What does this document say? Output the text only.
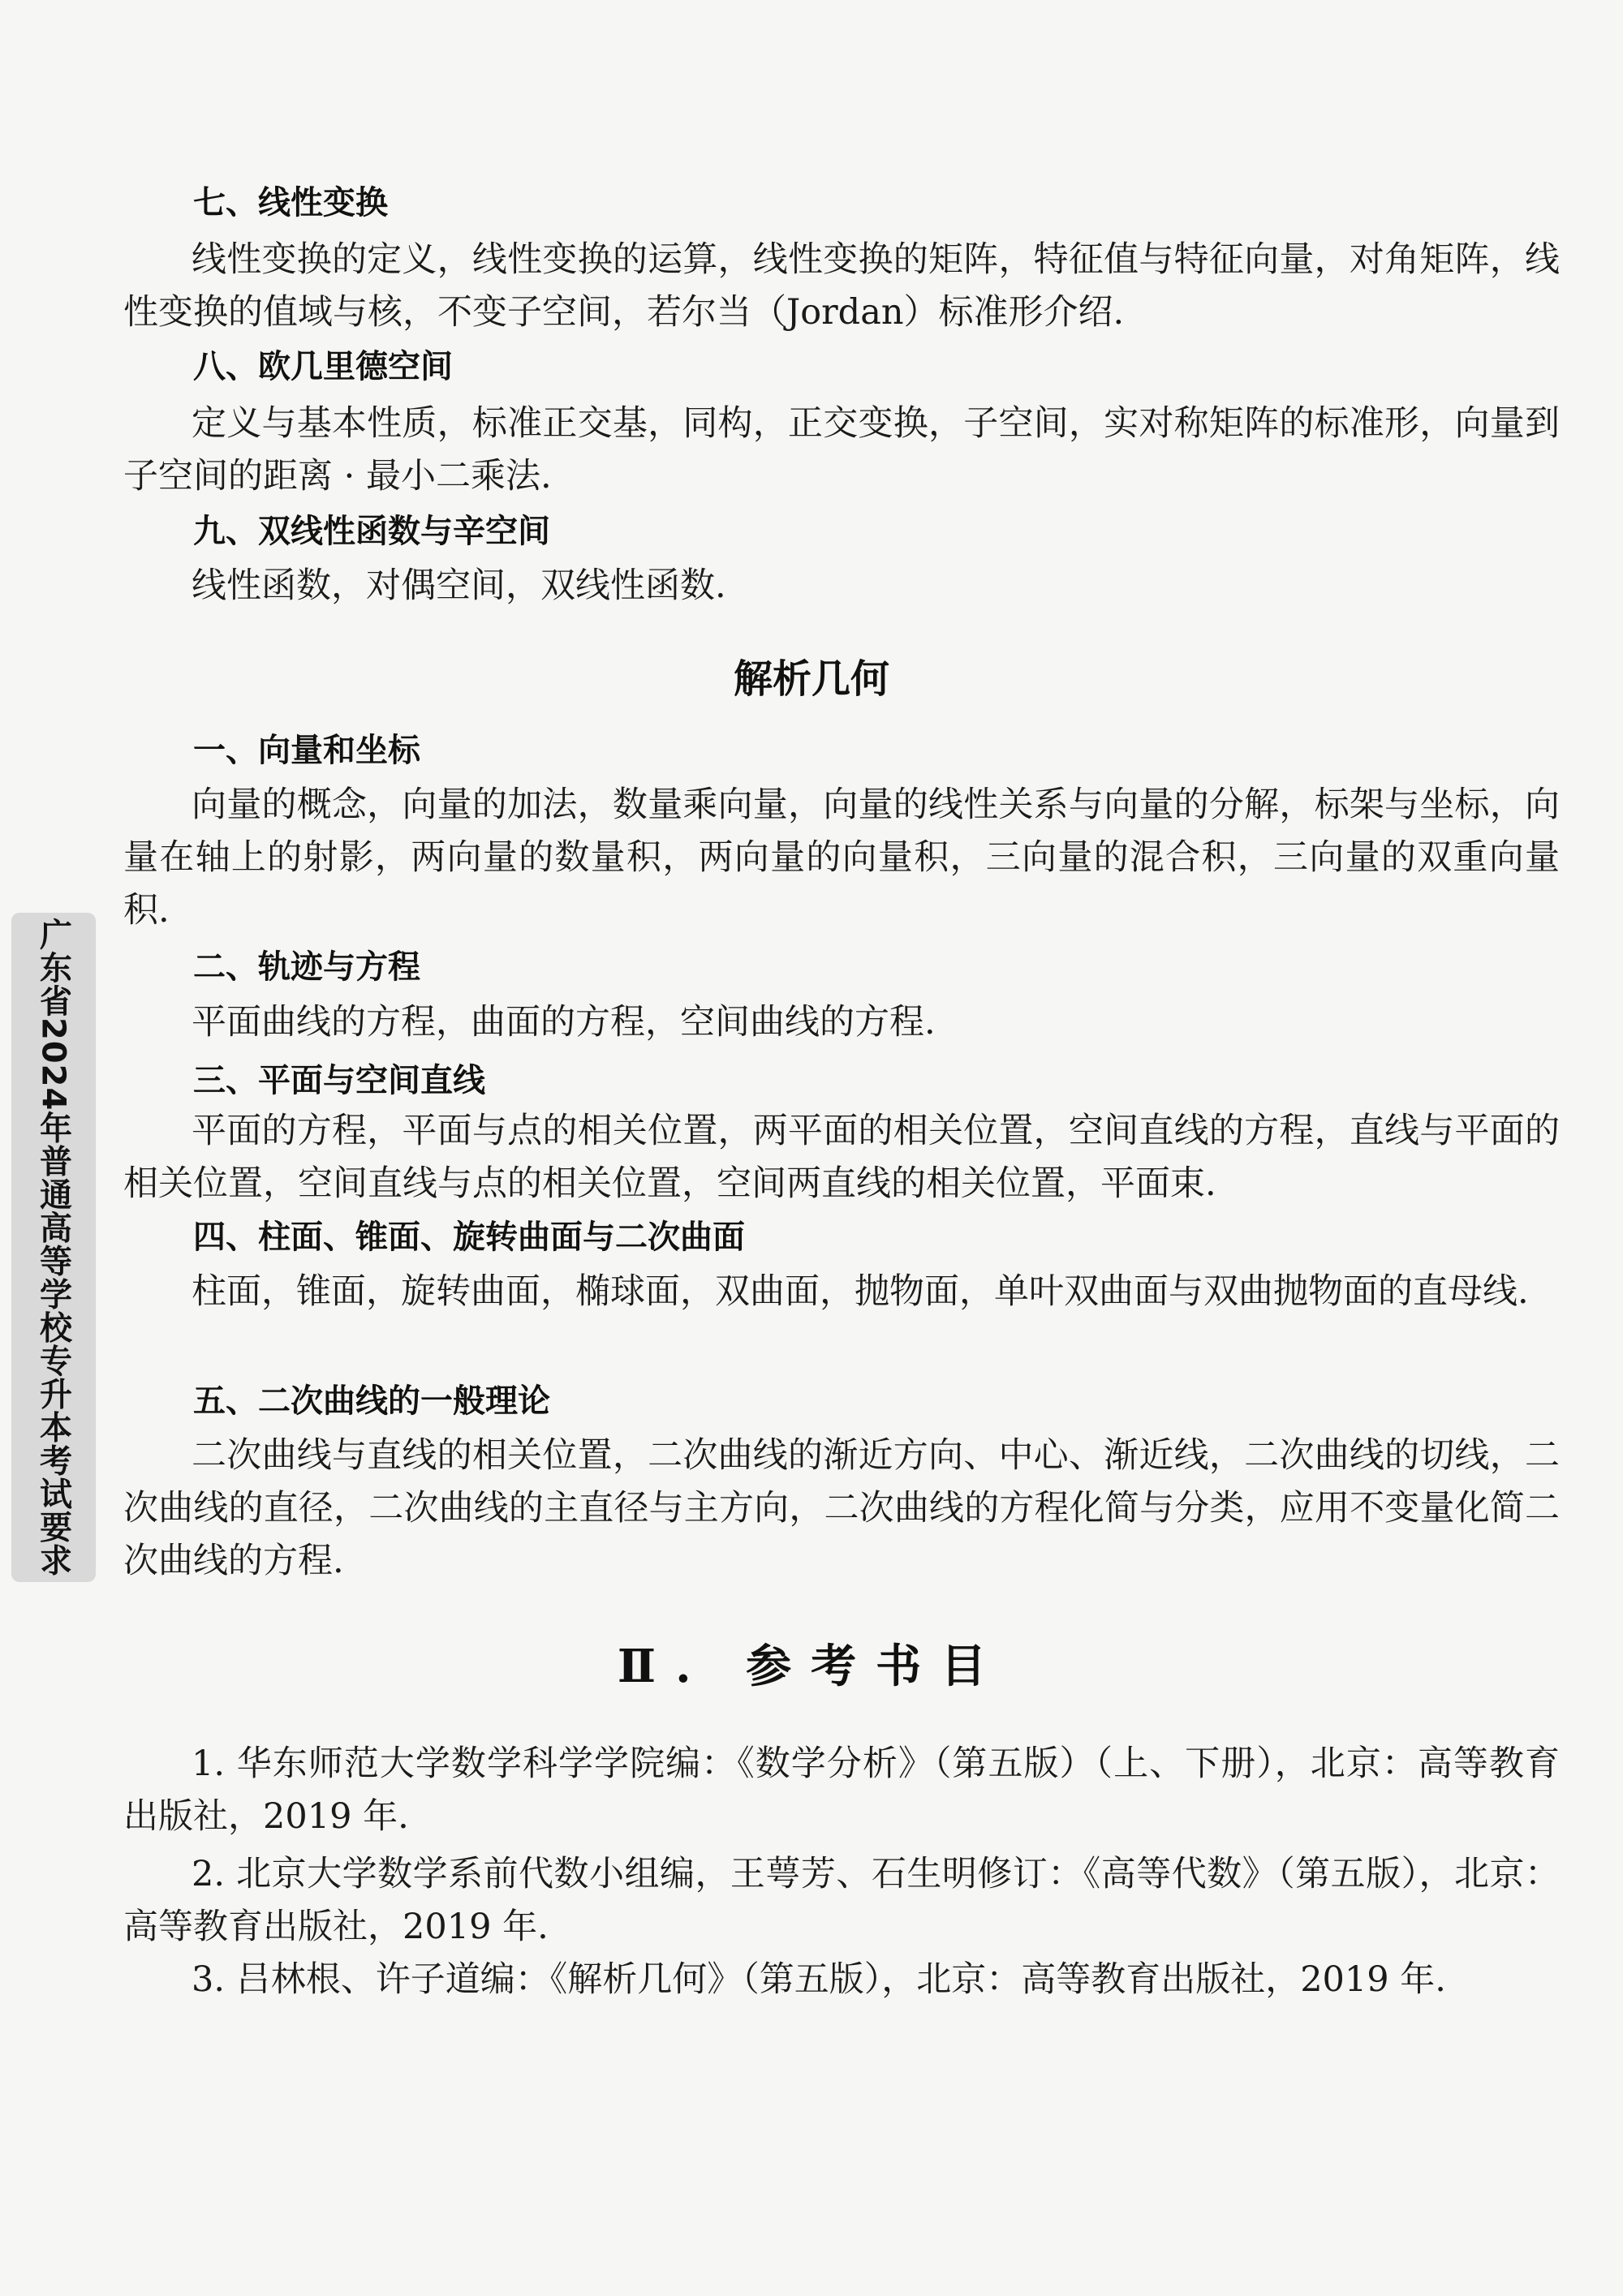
广东省2024年普通高等学校专升本考试要求
七、线性变换
线性变换的定义，线性变换的运算，线性变换的矩阵，特征值与特征向量，对角矩阵，线性变换的值域与核，不变子空间，若尔当（Jordan）标准形介绍.
八、欧几里德空间
定义与基本性质，标准正交基，同构，正交变换，子空间，实对称矩阵的标准形，向量到子空间的距离 · 最小二乘法.
九、双线性函数与辛空间
线性函数，对偶空间，双线性函数.
解析几何
一、向量和坐标
向量的概念，向量的加法，数量乘向量，向量的线性关系与向量的分解，标架与坐标，向量在轴上的射影，两向量的数量积，两向量的向量积，三向量的混合积，三向量的双重向量积.
二、轨迹与方程
平面曲线的方程，曲面的方程，空间曲线的方程.
三、平面与空间直线
平面的方程，平面与点的相关位置，两平面的相关位置，空间直线的方程，直线与平面的相关位置，空间直线与点的相关位置，空间两直线的相关位置，平面束.
四、柱面、锥面、旋转曲面与二次曲面
柱面，锥面，旋转曲面，椭球面，双曲面，抛物面，单叶双曲面与双曲抛物面的直母线.
五、二次曲线的一般理论
二次曲线与直线的相关位置，二次曲线的渐近方向、中心、渐近线，二次曲线的切线，二次曲线的直径，二次曲线的主直径与主方向，二次曲线的方程化简与分类，应用不变量化简二次曲线的方程.
Ⅱ. 参考书目
1. 华东师范大学数学科学学院编：《数学分析》（第五版）（上、下册），北京：高等教育出版社，2019 年.
2. 北京大学数学系前代数小组编，王萼芳、石生明修订：《高等代数》（第五版），北京：高等教育出版社，2019 年.
3. 吕林根、许子道编：《解析几何》（第五版），北京：高等教育出版社，2019 年.
